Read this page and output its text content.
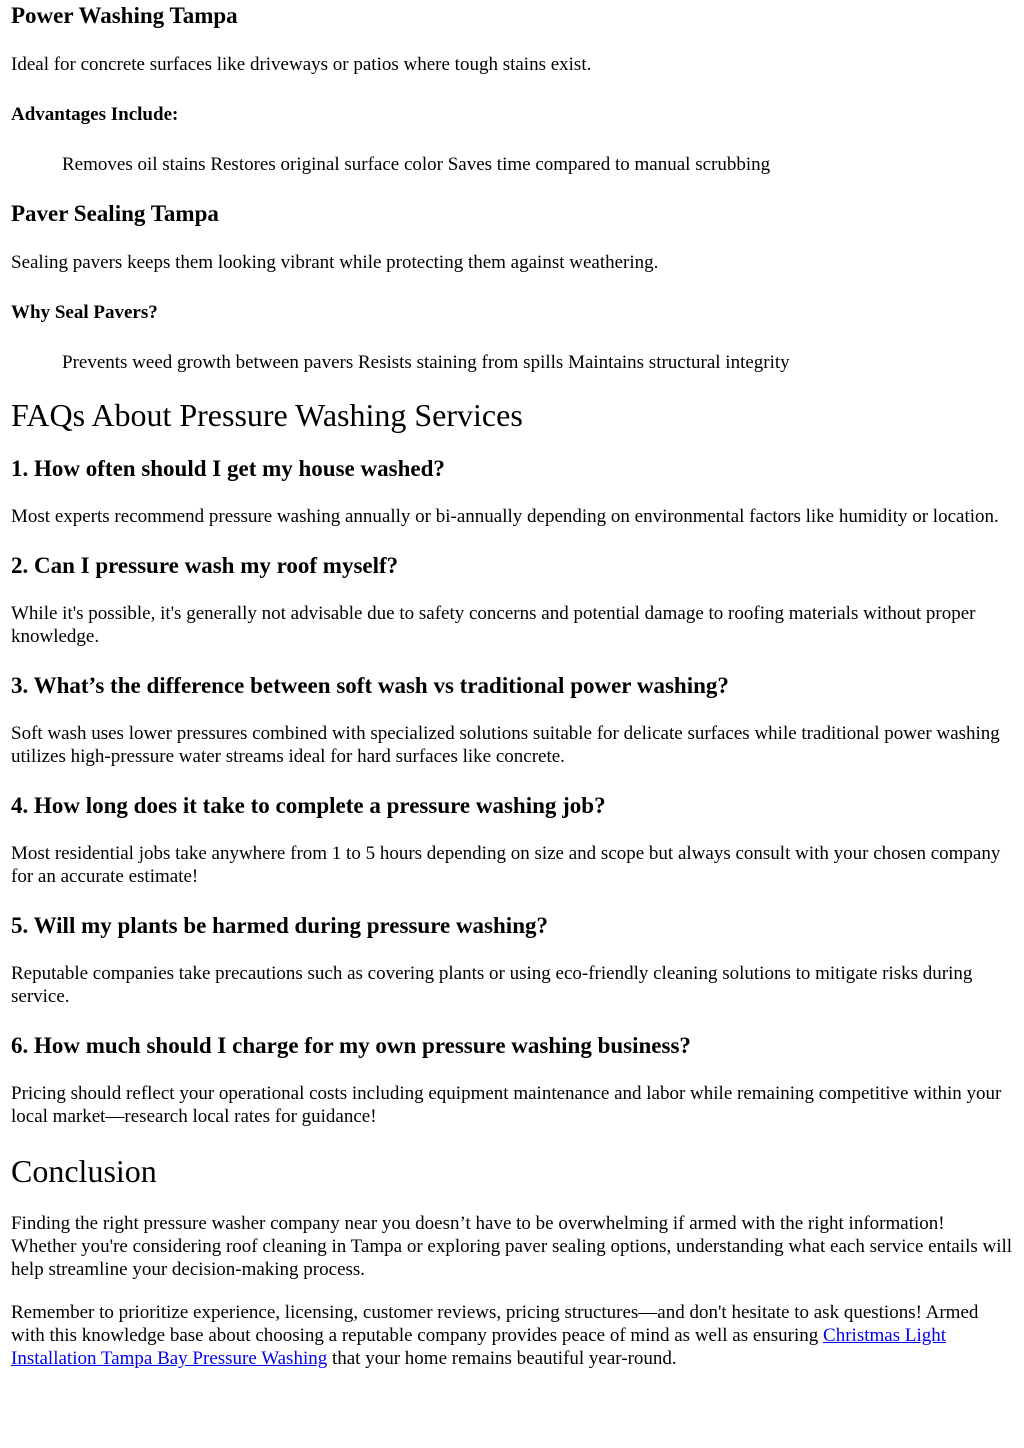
Power Washing Tampa

Ideal for concrete surfaces like driveways or patios where tough stains exist.

Advantages Include:

Removes oil stains Restores original surface color Saves time compared to manual scrubbing
Paver Sealing Tampa

Sealing pavers keeps them looking vibrant while protecting them against weathering.

Why Seal Pavers?

Prevents weed growth between pavers Resists staining from spills Maintains structural integrity
FAQs About Pressure Washing Services
1. How often should I get my house washed?

Most experts recommend pressure washing annually or bi-annually depending on environmental factors like humidity or location.

2. Can I pressure wash my roof myself?

While it's possible, it's generally not advisable due to safety concerns and potential damage to roofing materials without proper knowledge.

3. What’s the difference between soft wash vs traditional power washing?

Soft wash uses lower pressures combined with specialized solutions suitable for delicate surfaces while traditional power washing utilizes high-pressure water streams ideal for hard surfaces like concrete.

4. How long does it take to complete a pressure washing job?

Most residential jobs take anywhere from 1 to 5 hours depending on size and scope but always consult with your chosen company for an accurate estimate!

5. Will my plants be harmed during pressure washing?

Reputable companies take precautions such as covering plants or using eco-friendly cleaning solutions to mitigate risks during service.

6. How much should I charge for my own pressure washing business?

Pricing should reflect your operational costs including equipment maintenance and labor while remaining competitive within your local market—research local rates for guidance!

Conclusion

Finding the right pressure washer company near you doesn’t have to be overwhelming if armed with the right information! Whether you're considering roof cleaning in Tampa or exploring paver sealing options, understanding what each service entails will help streamline your decision-making process.

Remember to prioritize experience, licensing, customer reviews, pricing structures—and don't hesitate to ask questions! Armed with this knowledge base about choosing a reputable company provides peace of mind as well as ensuring Christmas Light Installation Tampa Bay Pressure Washing that your home remains beautiful year-round.
